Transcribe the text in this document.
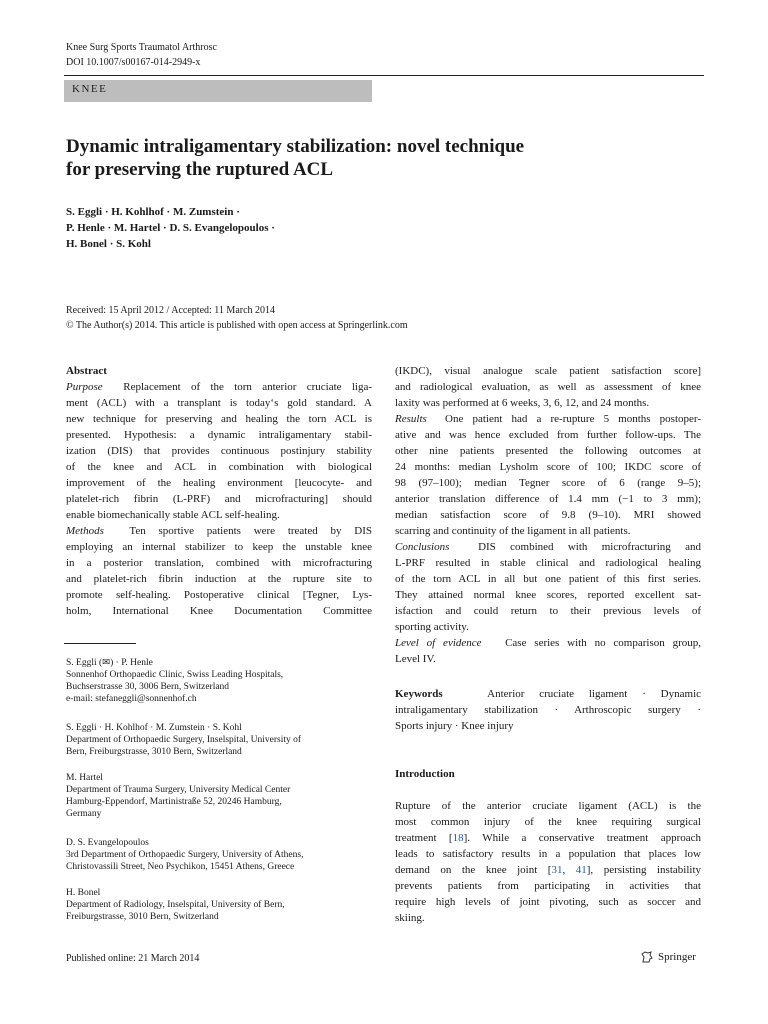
Knee Surg Sports Traumatol Arthrosc
DOI 10.1007/s00167-014-2949-x
KNEE
Dynamic intraligamentary stabilization: novel technique
for preserving the ruptured ACL
S. Eggli · H. Kohlhof · M. Zumstein ·
P. Henle · M. Hartel · D. S. Evangelopoulos ·
H. Bonel · S. Kohl
Received: 15 April 2012 / Accepted: 11 March 2014
© The Author(s) 2014. This article is published with open access at Springerlink.com
Abstract
Purpose Replacement of the torn anterior cruciate liga-
ment (ACL) with a transplant is today‘s gold standard. A
new technique for preserving and healing the torn ACL is
presented. Hypothesis: a dynamic intraligamentary stabil-
ization (DIS) that provides continuous postinjury stability
of the knee and ACL in combination with biological
improvement of the healing environment [leucocyte- and
platelet-rich fibrin (L-PRF) and microfracturing] should
enable biomechanically stable ACL self-healing.
Methods Ten sportive patients were treated by DIS
employing an internal stabilizer to keep the unstable knee
in a posterior translation, combined with microfracturing
and platelet-rich fibrin induction at the rupture site to
promote self-healing. Postoperative clinical [Tegner, Lys-
holm, International Knee Documentation Committee
S. Eggli (✉) · P. Henle
Sonnenhof Orthopaedic Clinic, Swiss Leading Hospitals,
Buchserstrasse 30, 3006 Bern, Switzerland
e-mail: stefaneggli@sonnenhof.ch
S. Eggli · H. Kohlhof · M. Zumstein · S. Kohl
Department of Orthopaedic Surgery, Inselspital, University of
Bern, Freiburgstrasse, 3010 Bern, Switzerland
M. Hartel
Department of Trauma Surgery, University Medical Center
Hamburg-Eppendorf, Martinistraße 52, 20246 Hamburg,
Germany
D. S. Evangelopoulos
3rd Department of Orthopaedic Surgery, University of Athens,
Christovassili Street, Neo Psychikon, 15451 Athens, Greece
H. Bonel
Department of Radiology, Inselspital, University of Bern,
Freiburgstrasse, 3010 Bern, Switzerland
(IKDC), visual analogue scale patient satisfaction score]
and radiological evaluation, as well as assessment of knee
laxity was performed at 6 weeks, 3, 6, 12, and 24 months.
Results One patient had a re-rupture 5 months postoper-
ative and was hence excluded from further follow-ups. The
other nine patients presented the following outcomes at
24 months: median Lysholm score of 100; IKDC score of
98 (97–100); median Tegner score of 6 (range 9–5);
anterior translation difference of 1.4 mm (−1 to 3 mm);
median satisfaction score of 9.8 (9–10). MRI showed
scarring and continuity of the ligament in all patients.
Conclusions	DIS combined with microfracturing and
L-PRF resulted in stable clinical and radiological healing
of the torn ACL in all but one patient of this first series.
They attained normal knee scores, reported excellent sat-
isfaction and could return to their previous levels of
sporting activity.
Level of evidence Case series with no comparison group,
Level IV.
Keywords	Anterior cruciate ligament · Dynamic
intraligamentary stabilization · Arthroscopic surgery ·
Sports injury · Knee injury
Introduction
Rupture of the anterior cruciate ligament (ACL) is the
most common injury of the knee requiring surgical
treatment [18]. While a conservative treatment approach
leads to satisfactory results in a population that places low
demand on the knee joint [31, 41], persisting instability
prevents patients from participating in activities that
require high levels of joint pivoting, such as soccer and
skiing.
Published online: 21 March 2014	Springer
